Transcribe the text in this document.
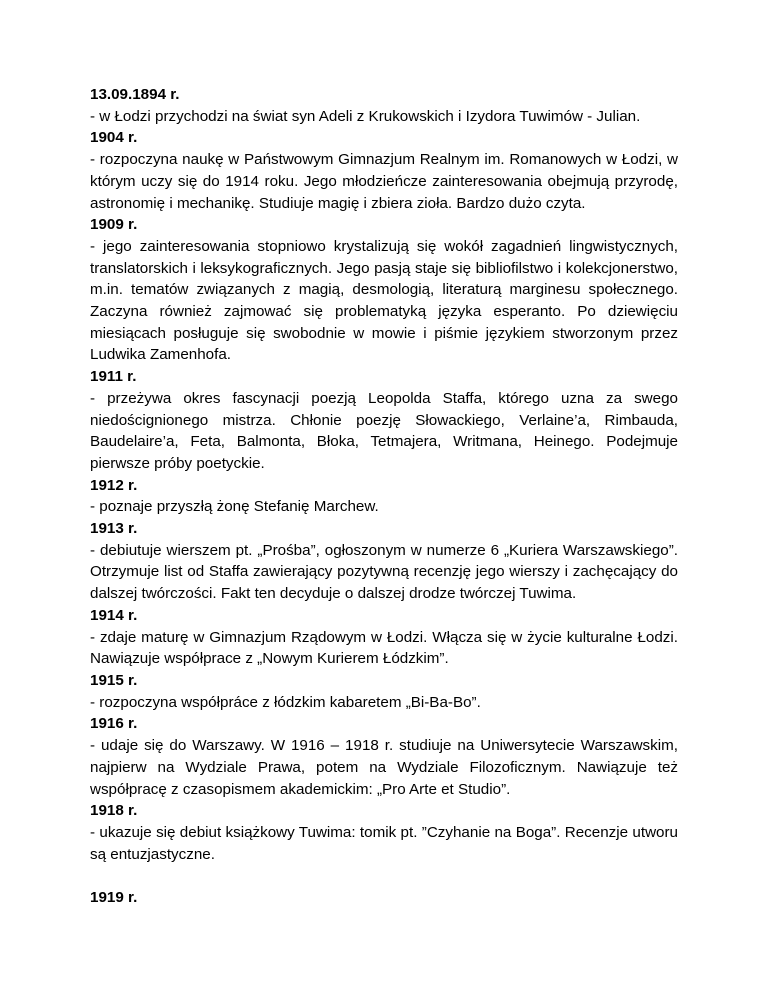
13.09.1894 r.

- w Łodzi przychodzi na świat syn Adeli z Krukowskich i Izydora Tuwimów - Julian.

1904 r.

- rozpoczyna naukę w Państwowym Gimnazjum Realnym im. Romanowych w Łodzi, w którym uczy się do 1914 roku. Jego młodzieńcze zainteresowania obejmują przyrodę, astronomię i mechanikę. Studiuje magię i zbiera zioła. Bardzo dużo czyta.

1909 r.

- jego zainteresowania stopniowo krystalizują się wokół zagadnień lingwistycznych, translatorskich i leksykograficznych. Jego pasją staje się bibliofilstwo i kolekcjonerstwo, m.in. tematów związanych z magią, desmologią, literaturą marginesu społecznego. Zaczyna również zajmować się problematyką języka esperanto. Po dziewięciu miesiącach posługuje się swobodnie w mowie i piśmie językiem stworzonym przez Ludwika Zamenhofa.

1911 r.

- przeżywa okres fascynacji poezją Leopolda Staffa, którego uzna za swego niedoścignionego mistrza. Chłonie poezję Słowackiego, Verlaine’a, Rimbauda, Baudelaire’a, Feta, Balmonta, Błoka, Tetmajera, Writmana, Heinego. Podejmuje pierwsze próby poetyckie.

1912 r.

- poznaje przyszłą żonę Stefanię Marchew.

1913 r.

- debiutuje wierszem pt. „Prośba”, ogłoszonym w numerze 6 „Kuriera Warszawskiego”. Otrzymuje list od Staffa zawierający pozytywną recenzję jego wierszy i zachęcający do dalszej twórczości. Fakt ten decyduje o dalszej drodze twórczej Tuwima.

1914 r.

- zdaje maturę w Gimnazjum Rządowym w Łodzi. Włącza się w życie kulturalne Łodzi. Nawiązuje współprace z „Nowym Kurierem Łódzkim”.

1915 r.

- rozpoczyna współpráce z łódzkim kabaretem „Bi-Ba-Bo”.

1916 r.

- udaje się do Warszawy. W 1916 – 1918 r. studiuje na Uniwersytecie Warszawskim, najpierw na Wydziale Prawa, potem na Wydziale Filozoficznym. Nawiązuje też współpracę z czasopismem akademickim: „Pro Arte et Studio”.

1918 r.

- ukazuje się debiut książkowy Tuwima: tomik pt. ”Czyhanie na Boga”. Recenzje utworu są entuzjastyczne.

1919 r.
